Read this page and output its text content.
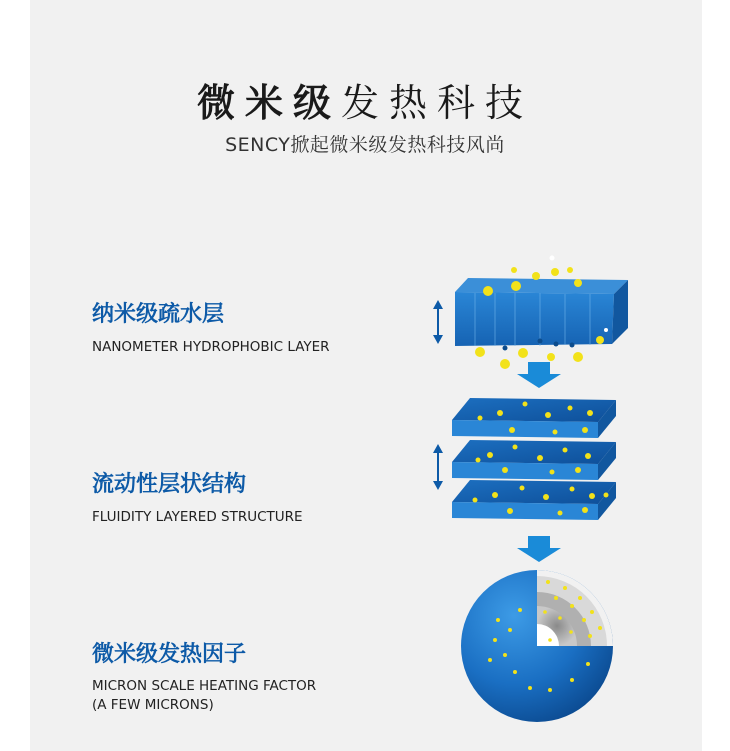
微米级发热科技
SENCY掀起微米级发热科技风尚
纳米级疏水层
NANOMETER HYDROPHOBIC LAYER
流动性层状结构
FLUIDITY LAYERED STRUCTURE
微米级发热因子
MICRON SCALE HEATING FACTOR
(A FEW MICRONS)
